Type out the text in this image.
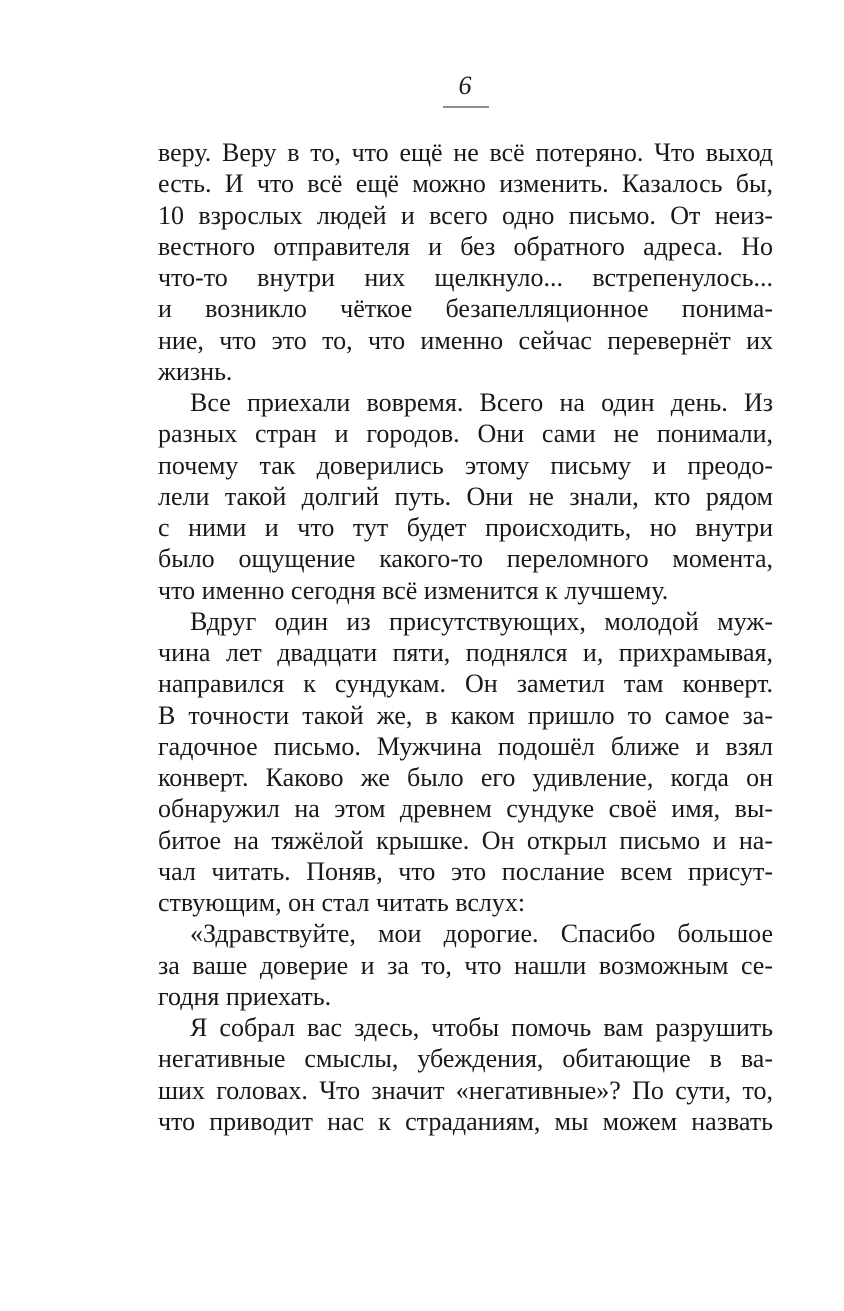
6
веру. Веру в то, что ещё не всё потеряно. Что выход
есть. И что всё ещё можно изменить. Казалось бы,
10 взрослых людей и всего одно письмо. От неиз-
вестного отправителя и без обратного адреса. Но
что-то внутри них щелкнуло... встрепенулось...
и возникло чёткое безапелляционное понима-
ние, что это то, что именно сейчас перевернёт их
жизнь.
Все приехали вовремя. Всего на один день. Из
разных стран и городов. Они сами не понимали,
почему так доверились этому письму и преодо-
лели такой долгий путь. Они не знали, кто рядом
с ними и что тут будет происходить, но внутри
было ощущение какого-то переломного момента,
что именно сегодня всё изменится к лучшему.
Вдруг один из присутствующих, молодой муж-
чина лет двадцати пяти, поднялся и, прихрамывая,
направился к сундукам. Он заметил там конверт.
В точности такой же, в каком пришло то самое за-
гадочное письмо. Мужчина подошёл ближе и взял
конверт. Каково же было его удивление, когда он
обнаружил на этом древнем сундуке своё имя, вы-
битое на тяжёлой крышке. Он открыл письмо и на-
чал читать. Поняв, что это послание всем присут-
ствующим, он стал читать вслух:
«Здравствуйте, мои дорогие. Спасибо большое
за ваше доверие и за то, что нашли возможным се-
годня приехать.
Я собрал вас здесь, чтобы помочь вам разрушить
негативные смыслы, убеждения, обитающие в ва-
ших головах. Что значит «негативные»? По сути, то,
что приводит нас к страданиям, мы можем назвать
